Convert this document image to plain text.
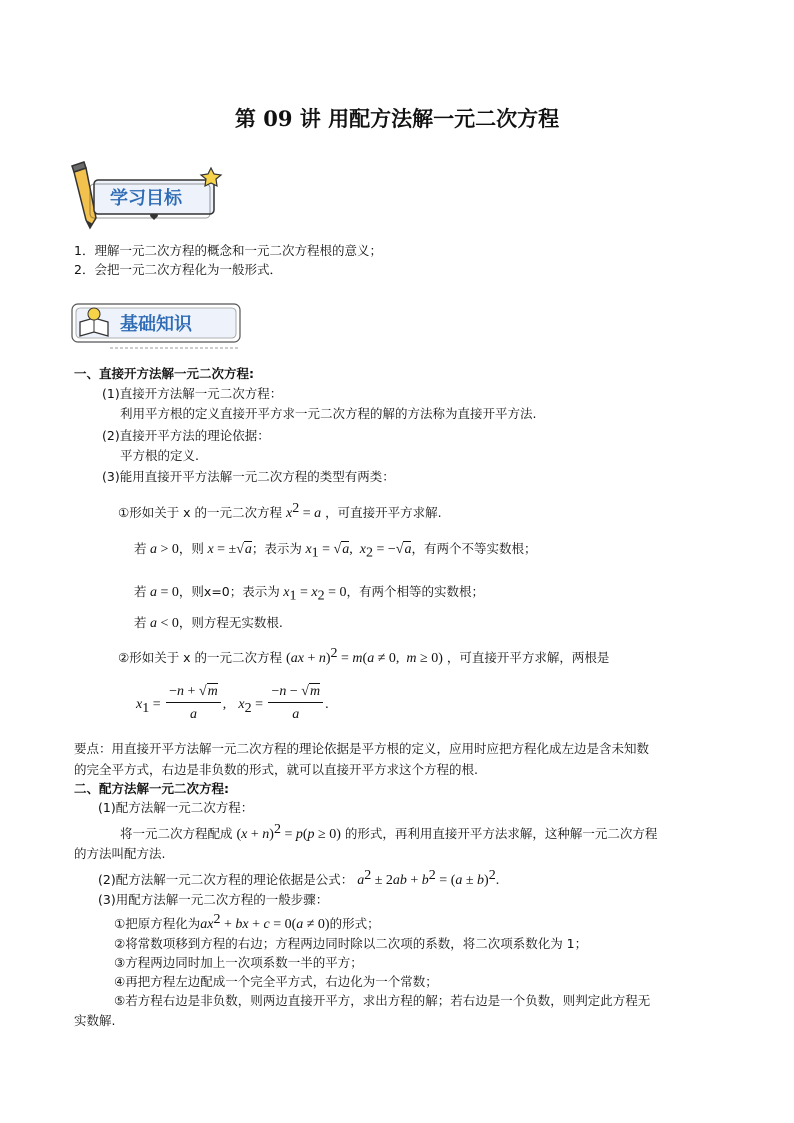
第 09 讲 用配方法解一元二次方程
学习目标
1．理解一元二次方程的概念和一元二次方程根的意义；
2．会把一元二次方程化为一般形式．
基础知识
一、直接开方法解一元二次方程:
(1)直接开方法解一元二次方程：
利用平方根的定义直接开平方求一元二次方程的解的方法称为直接开平方法.
(2)直接开平方法的理论依据：
平方根的定义.
(3)能用直接开平方法解一元二次方程的类型有两类：
①形如关于 x 的一元二次方程 $x^2 = a$ ，可直接开平方求解.
若 a > 0，则 x = ±√a；表示为 $x_1 = √a$,  $x_2 = -√a$，有两个不等实数根；
若 a = 0，则x=0；表示为 $x_1 = x_2 = 0$，有两个相等的实数根；
若 a < 0，则方程无实数根.
②形如关于 x 的一元二次方程 (ax + n)$^2$ = m(a ≠ 0,  m ≥ 0) ，可直接开平方求解，两根是
$x_1 = \frac{-n + √m}{a}$ ,   $x_2 = \frac{-n - √m}{a}$ .
要点：用直接开平方法解一元二次方程的理论依据是平方根的定义，应用时应把方程化成左边是含未知数
的完全平方式，右边是非负数的形式，就可以直接开平方求这个方程的根.
二、配方法解一元二次方程:
(1)配方法解一元二次方程：
将一元二次方程配成 $(x + n)^2 = p(p \ge 0)$ 的形式，再利用直接开平方法求解，这种解一元二次方程
的方法叫配方法.
(2)配方法解一元二次方程的理论依据是公式： $a^2 \pm 2ab + b^2 = (a \pm b)^2$.
(3)用配方法解一元二次方程的一般步骤：
①把原方程化为$ax^2$ + bx + c = 0(a ≠ 0)的形式；
②将常数项移到方程的右边；方程两边同时除以二次项的系数，将二次项系数化为 1；
③方程两边同时加上一次项系数一半的平方；
④再把方程左边配成一个完全平方式，右边化为一个常数；
⑤若方程右边是非负数，则两边直接开平方，求出方程的解；若右边是一个负数，则判定此方程无
实数解.
